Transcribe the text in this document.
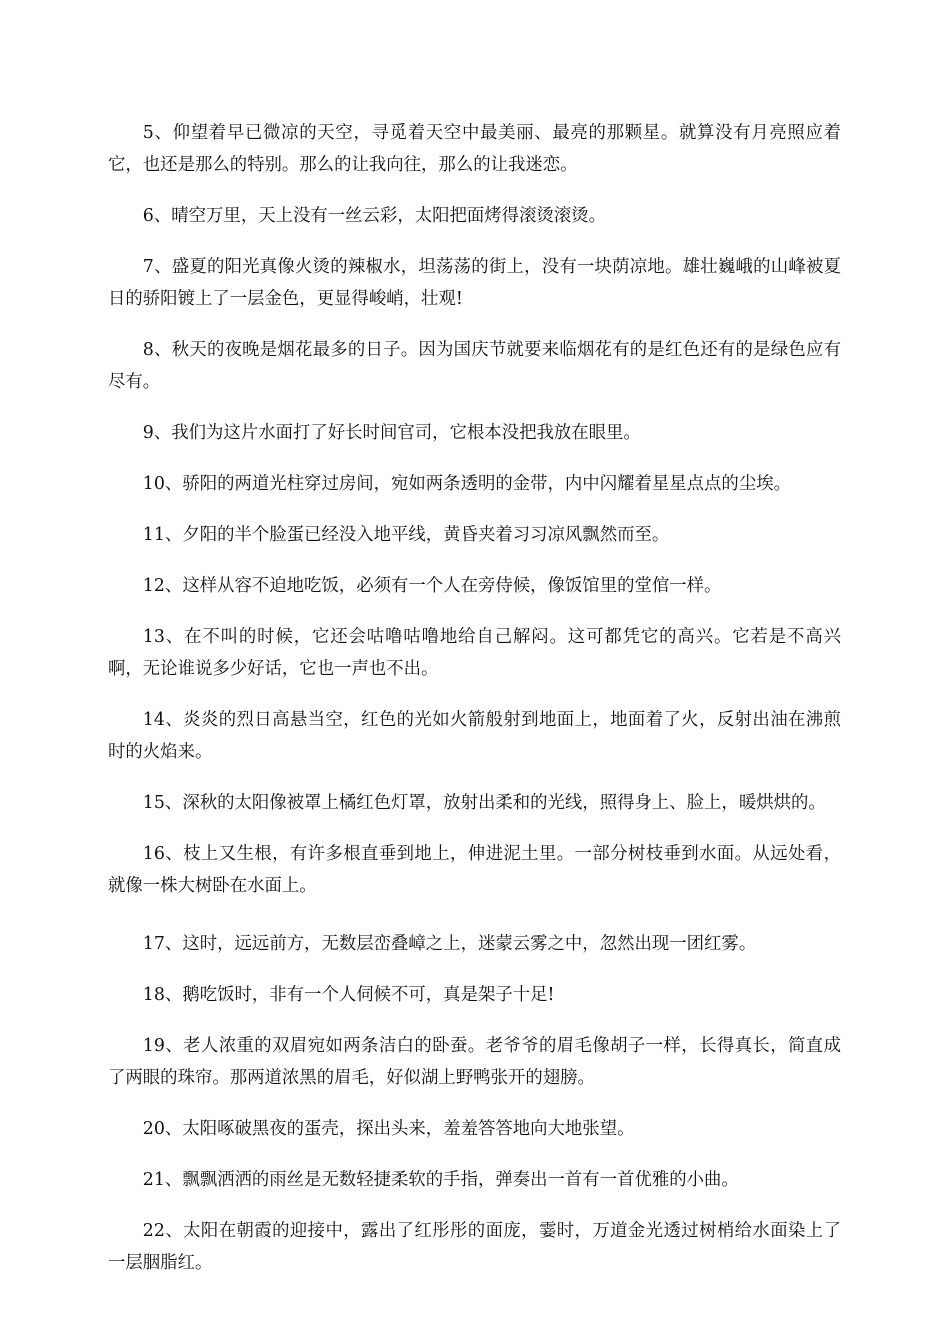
5、仰望着早已微凉的天空，寻觅着天空中最美丽、最亮的那颗星。就算没有月亮照应着它，也还是那么的特别。那么的让我向往，那么的让我迷恋。

6、晴空万里，天上没有一丝云彩，太阳把面烤得滚烫滚烫。

7、盛夏的阳光真像火烫的辣椒水，坦荡荡的街上，没有一块荫凉地。雄壮巍峨的山峰被夏日的骄阳镀上了一层金色，更显得峻峭，壮观!

8、秋天的夜晚是烟花最多的日子。因为国庆节就要来临烟花有的是红色还有的是绿色应有尽有。

9、我们为这片水面打了好长时间官司，它根本没把我放在眼里。

10、骄阳的两道光柱穿过房间，宛如两条透明的金带，内中闪耀着星星点点的尘埃。

11、夕阳的半个脸蛋已经没入地平线，黄昏夹着习习凉风飘然而至。

12、这样从容不迫地吃饭，必须有一个人在旁侍候，像饭馆里的堂倌一样。

13、在不叫的时候，它还会咕噜咕噜地给自己解闷。这可都凭它的高兴。它若是不高兴啊，无论谁说多少好话，它也一声也不出。

14、炎炎的烈日高悬当空，红色的光如火箭般射到地面上，地面着了火，反射出油在沸煎时的火焰来。

15、深秋的太阳像被罩上橘红色灯罩，放射出柔和的光线，照得身上、脸上，暖烘烘的。

16、枝上又生根，有许多根直垂到地上，伸进泥土里。一部分树枝垂到水面。从远处看，就像一株大树卧在水面上。

17、这时，远远前方，无数层峦叠嶂之上，迷蒙云雾之中，忽然出现一团红雾。

18、鹅吃饭时，非有一个人伺候不可，真是架子十足!

19、老人浓重的双眉宛如两条洁白的卧蚕。老爷爷的眉毛像胡子一样，长得真长，简直成了两眼的珠帘。那两道浓黑的眉毛，好似湖上野鸭张开的翅膀。

20、太阳啄破黑夜的蛋壳，探出头来，羞羞答答地向大地张望。

21、飘飘洒洒的雨丝是无数轻捷柔软的手指，弹奏出一首有一首优雅的小曲。

22、太阳在朝霞的迎接中，露出了红彤彤的面庞，霎时，万道金光透过树梢给水面染上了一层胭脂红。
